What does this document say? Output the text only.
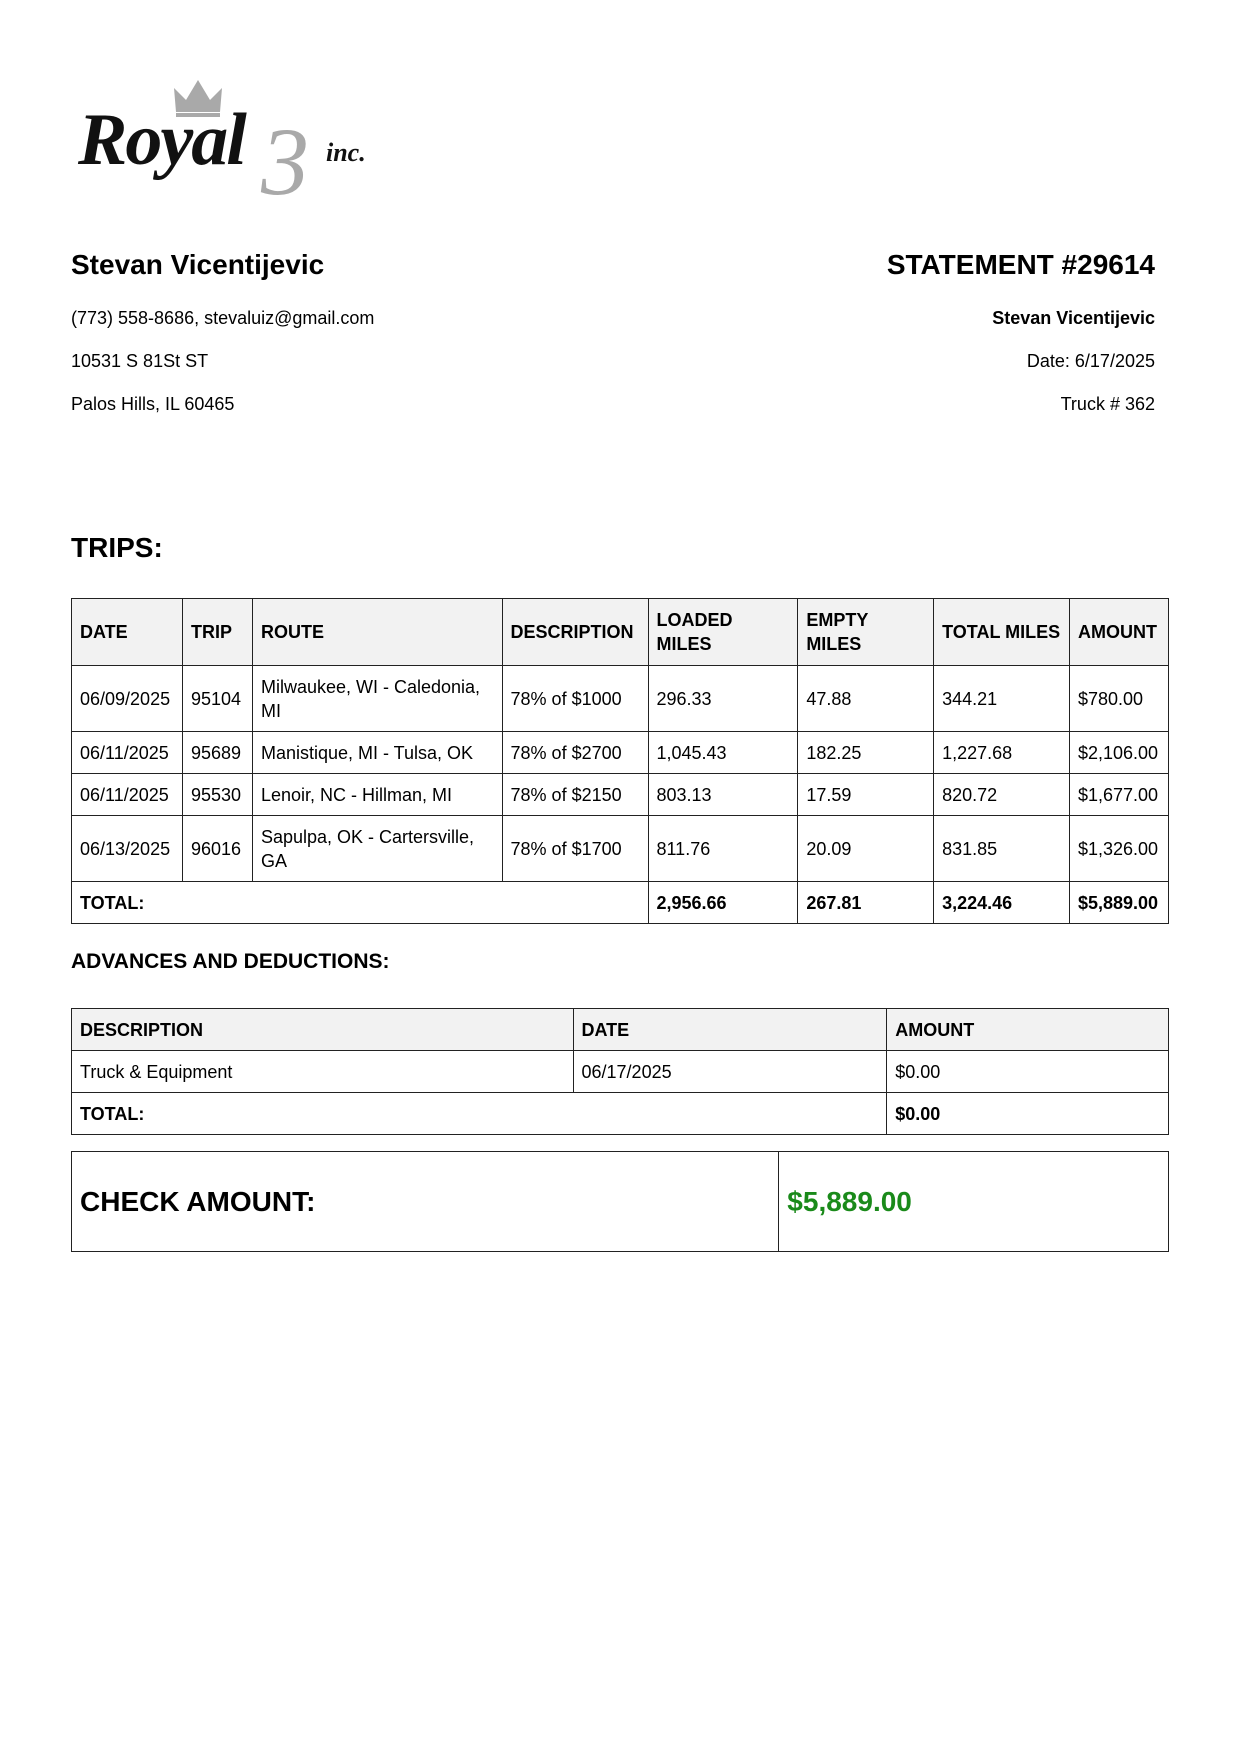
Royal 3 inc.
Stevan Vicentijevic
(773) 558-8686, stevaluiz@gmail.com
10531 S 81St ST
Palos Hills, IL 60465
STATEMENT #29614
Stevan Vicentijevic
Date: 6/17/2025
Truck # 362
TRIPS:
DATE	TRIP	ROUTE	DESCRIPTION	LOADED MILES	EMPTY MILES	TOTAL MILES	AMOUNT
06/09/2025	95104	Milwaukee, WI - Caledonia, MI	78% of $1000	296.33	47.88	344.21	$780.00
06/11/2025	95689	Manistique, MI - Tulsa, OK	78% of $2700	1,045.43	182.25	1,227.68	$2,106.00
06/11/2025	95530	Lenoir, NC - Hillman, MI	78% of $2150	803.13	17.59	820.72	$1,677.00
06/13/2025	96016	Sapulpa, OK - Cartersville, GA	78% of $1700	811.76	20.09	831.85	$1,326.00
TOTAL:				2,956.66	267.81	3,224.46	$5,889.00
ADVANCES AND DEDUCTIONS:
DESCRIPTION	DATE	AMOUNT
Truck & Equipment	06/17/2025	$0.00
TOTAL:		$0.00
CHECK AMOUNT:	$5,889.00
